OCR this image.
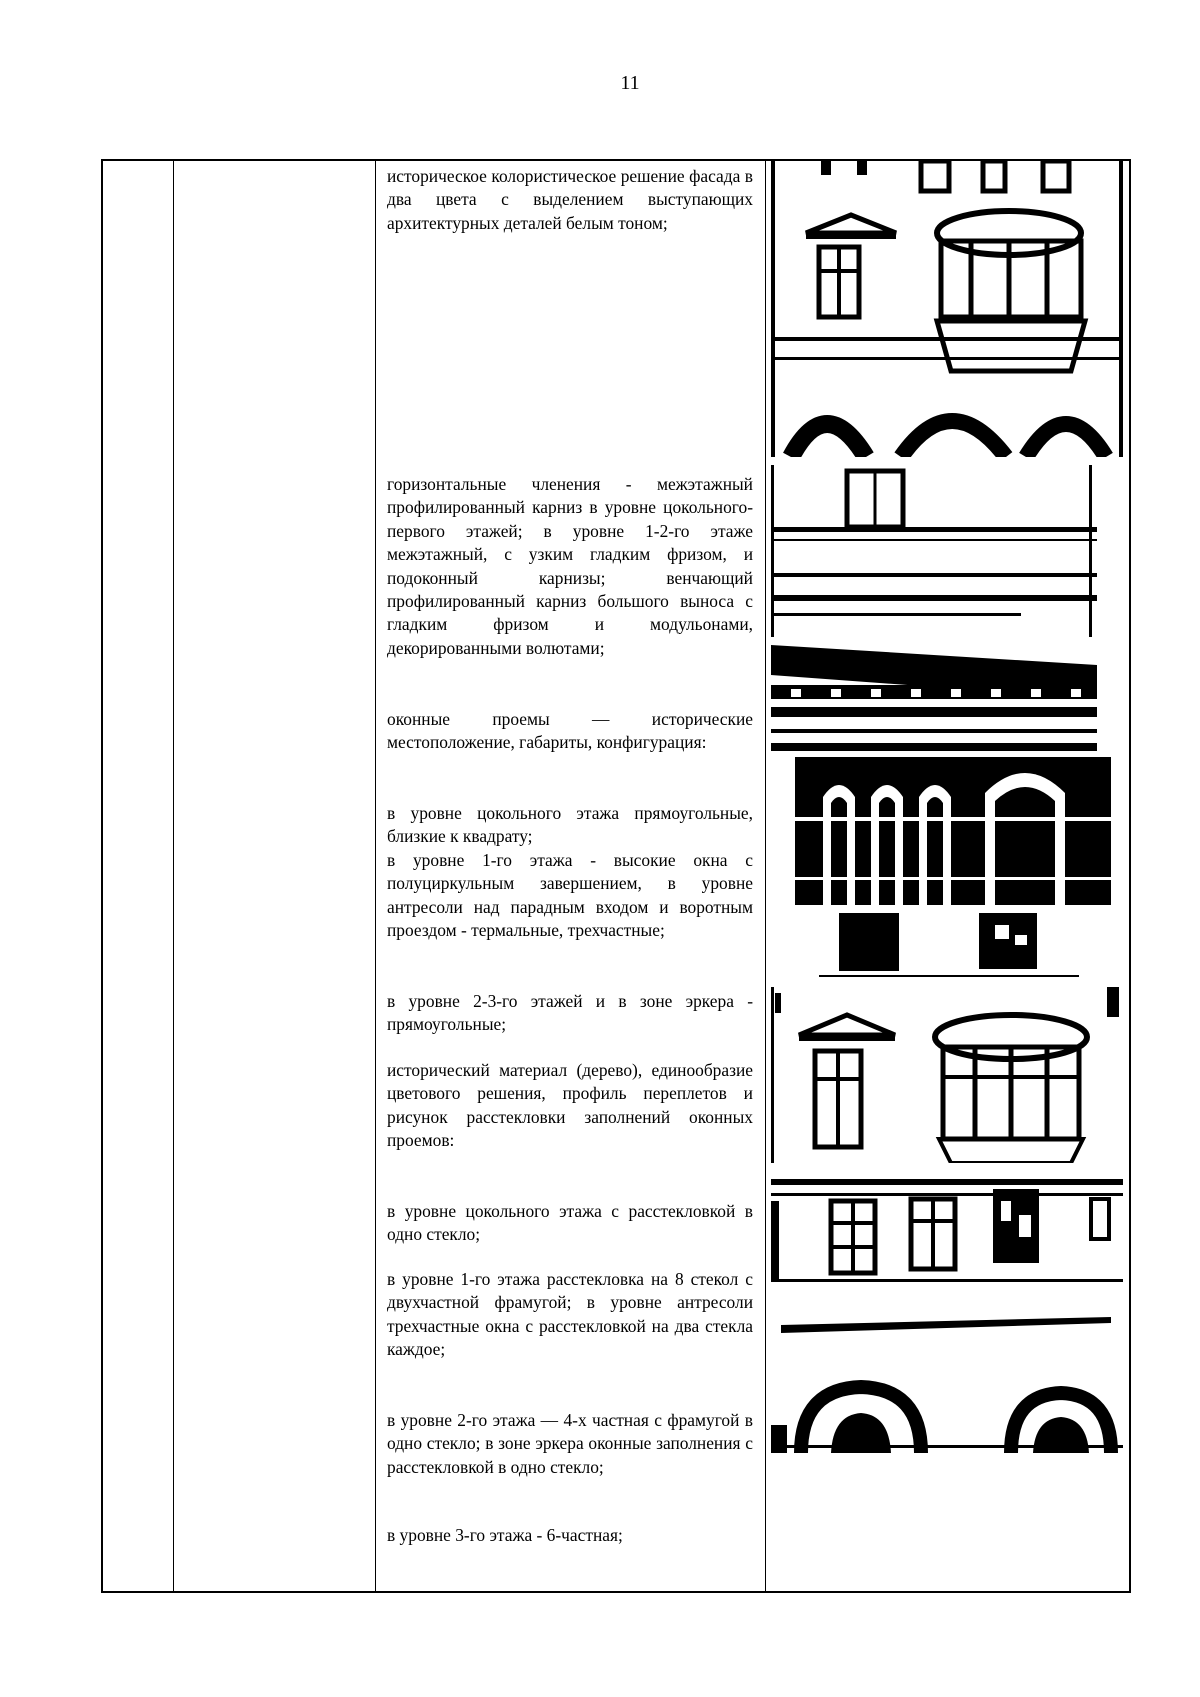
11
историческое колористическое решение фасада в два цвета с выделением выступающих архитектурных деталей белым тоном;
горизонтальные членения - межэтажный профилированный карниз в уровне цокольного-первого этажей; в уровне 1-2-го этаже межэтажный, с узким гладким фризом, и подоконный карнизы; венчающий профилированный карниз большого выноса с гладким фризом и модульонами, декорированными волютами;
оконные проемы — исторические местоположение, габариты, конфигурация:
в уровне цокольного этажа прямоугольные, близкие к квадрату;
в уровне 1-го этажа - высокие окна с полуциркульным завершением, в уровне антресоли над парадным входом и воротным проездом - термальные, трехчастные;
в уровне 2-3-го этажей и в зоне эркера - прямоугольные;
исторический материал (дерево), единообразие цветового решения, профиль переплетов и рисунок расстекловки заполнений оконных проемов:
в уровне цокольного этажа с расстекловкой в одно стекло;
в уровне 1-го этажа расстекловка на 8 стекол с двухчастной фрамугой; в уровне антресоли трехчастные окна с расстекловкой на два стекла каждое;
в уровне 2-го этажа — 4-х частная с фрамугой в одно стекло; в зоне эркера оконные заполнения с расстекловкой в одно стекло;
в уровне 3-го этажа - 6-частная;
